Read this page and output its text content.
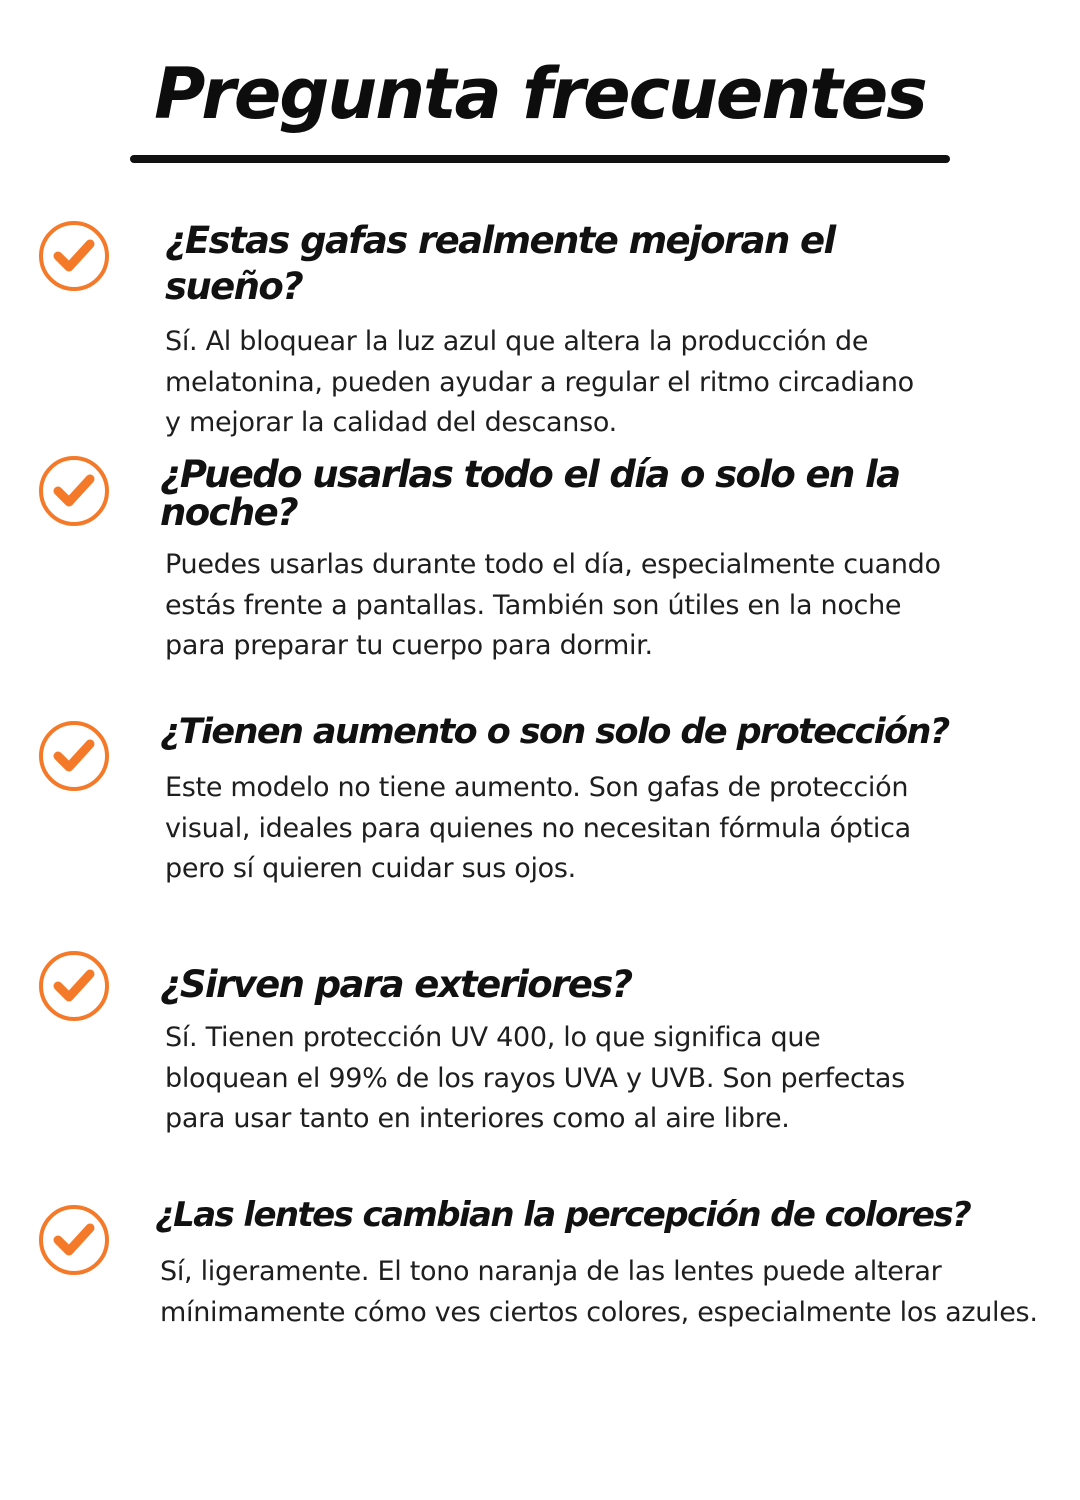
Pregunta frecuentes
¿Estas gafas realmente mejoran el sueño?

Sí. Al bloquear la luz azul que altera la producción de melatonina, pueden ayudar a regular el ritmo circadiano y mejorar la calidad del descanso.

¿Puedo usarlas todo el día o solo en la noche?

Puedes usarlas durante todo el día, especialmente cuando estás frente a pantallas. También son útiles en la noche para preparar tu cuerpo para dormir.

¿Tienen aumento o son solo de protección?

Este modelo no tiene aumento. Son gafas de protección visual, ideales para quienes no necesitan fórmula óptica pero sí quieren cuidar sus ojos.

¿Sirven para exteriores?

Sí. Tienen protección UV 400, lo que significa que bloquean el 99% de los rayos UVA y UVB. Son perfectas para usar tanto en interiores como al aire libre.

¿Las lentes cambian la percepción de colores?

Sí, ligeramente. El tono naranja de las lentes puede alterar mínimamente cómo ves ciertos colores, especialmente los azules.
